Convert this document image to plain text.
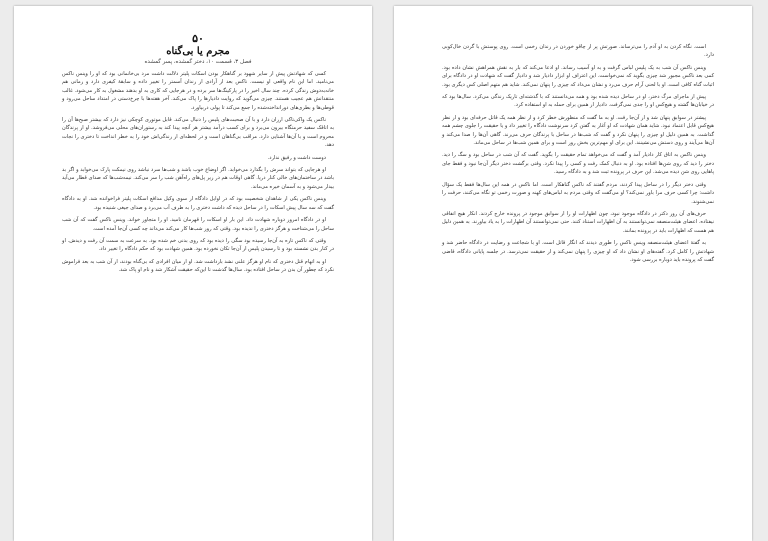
۵۰
مجرم یا بی‌گناه
فصل ۳، قسمت ۱۰، دختر گمشده، پسر گمشده

کسی که شهادتش پیش از سایر شهود بر گناهکار بودن اسکات پلیتر دلالت داشت مرد بی‌خانمانی بود که او را وینس ناکس می‌نامید. اما این نام واقعی او نیست. ناکس بعد از آزادی از زندان آسمتر را تغییر داده و سابقهٔ کیفری دارد و زمانی هم خانه‌به‌دوش زندگی کرده. چند سال اخیر را در پارکینگ‌ها سر برده و در هرجایی که کاری به او بدهند مشغول به کار می‌شود. غالب منتقدانش هم عجیب هستند. چیزی می‌گوید که روایت دادیارها را پاک می‌کند. آخر هفته‌ها با چرخ‌دستی در امتداد ساحل می‌رود و قوطی‌ها و بطری‌های دورانداخته‌شده را جمع می‌کند تا پولی دربیاورد.

ناکس یک واکی‌تاکی ارزان دارد و با آن صحبت‌های پلیس را دنبال می‌کند. قابل موتوری کوچکی نیز دارد که بیشتر صبح‌ها آن را به اتاقک سفید حرمتگاه بیرون می‌برد و برای کسب درآمد بیشتر هر آنچه پیدا کند به رستوران‌های محلی می‌فروشد. او از پرندگان محروم است و با آن‌ها آشنایی دارد. مراقب بی‌گناهان است و در لحظه‌ای از زندگی‌اش خود را به خطر انداخت تا دختری را نجات دهد.

دوست داشت و رفیق ندارد.

او هرجایی که بتواند سرش را بگذارد می‌خوابد. اگر اوضاع خوب باشد و شب‌ها سرد نباشد روی نیمکت پارک می‌خوابد و اگر بد باشد در ساختمان‌های خالی کنار دریا. گاهی اوقات هم در زیر پل‌های راه‌آهن شب را سر می‌کند. نیمه‌شب‌ها که صدای قطار می‌آید بیدار می‌شود و به آسمان خیره می‌ماند.

وینس ناکس یکی از شاهدان شخصیت بود که در اوایل دادگاه از سوی وکیل مدافع اسکات پلیتر فراخوانده شد. او به دادگاه گفت که سه سال پیش اسکات را در ساحل دیده که داشت دختری را به طرف آب می‌برد و صدای جیغی شنیده بود.

او در دادگاه امروز دوباره شهادت داد. این بار او اسکات را قهرمان نامید. او را متجاوز خواند. وینس ناکس گفت که آن شب ساحل را می‌شناخت و هرگز دختری را ندیده بود. وقتی که روز شب‌ها کار می‌کند می‌داند چه کسی آن‌جا آمده است.

وقتی که ناکس تازه به آن‌جا رسیده بود سگی را دیده بود که روی بدنی خم شده بود. به سرعت به سمت آن رفت و دیدش. او در کنار بدن نشسته بود و تا رسیدن پلیس از آن‌جا تکان نخورده بود. همین شهادت بود که حکم دادگاه را تغییر داد.

او به اتهام قتل دختری که نام او هرگز علنی نشد بازداشت شد. او از میان افرادی که بی‌گناه بودند، از آن شب به بعد فراموش نکرد که چطور آن بدن در ساحل افتاده بود. سال‌ها گذشت تا این‌که حقیقت آشکار شد و نام او پاک شد.

است. نگاه کردن به او آدم را می‌ترساند. صورتش پر از چاقو خوردن در زندان زخمی است. روی پوستش با گردن خال‌کوبی دارد.

وینس ناکس آن شب به یک پلیس لباس گرفت و به او آسیب رساند. او ادعا می‌کند که بار به نقش همراهش نشان داده بود. کمی بعد ناکس مجبور شد چیزی بگوید که نمی‌خواست. این اعتراف او ابزار دادیار شد و دادیار گفت که شهادت او در دادگاه برای اثبات گناه کافی است. او با لحنی آرام حرف می‌زد و نشان می‌داد که چیزی را پنهان نمی‌کند. شاید هم متهم اصلی کس دیگری بود.

پیش از ماجرای مرگ دختر، او در ساحل دیده شده بود و همه می‌دانستند که با گذشته‌ای تاریک زندگی می‌کرد. سال‌ها بود که در خیابان‌ها گشته و هیچ‌کس او را جدی نمی‌گرفت. دادیار از همین برای حمله به او استفاده کرد.

پیشتر در سوابق پنهان شد و از آن‌جا رفت. او به ما گفت که منظورش خطر کرد و از نظر همه یک قاتل حرفه‌ای بود و از نظر هیچ‌کس قابل اعتماد نبود. شاید همان شهادت که او آغاز به گفتن کرد سرنوشت دادگاه را تغییر داد و یا حقیقت را جلوی چشم همه گذاشت. به همین دلیل او چیزی را پنهان نکرد و گفت که شب‌ها در ساحل با پرندگان حرف می‌زند. گاهی آن‌ها را صدا می‌کند و آن‌ها می‌آیند و روی دستش می‌نشینند. این برای او مهم‌ترین بخش روز است و برای همین شب‌ها در ساحل می‌ماند.

وینس ناکس به اتاق کار دادیار آمد و گفت که می‌خواهد تمام حقیقت را بگوید. گفت که آن شب در ساحل بود و سگ را دید. دختر را دید که روی شن‌ها افتاده بود. او به دنبال کمک رفت و کسی را پیدا نکرد. وقتی برگشت دختر دیگر آن‌جا نبود و فقط جای پاهایی روی شن دیده می‌شد. این حرف در پرونده ثبت شد و به دادگاه رسید.

وقتی دختر دیگر را در ساحل پیدا کردند، مردم گفتند که ناکس گناهکار است. اما ناکس در همه این سال‌ها فقط یک سؤال داشت: چرا کسی حرف مرا باور نمی‌کند؟ او می‌گفت که وقتی مردم به لباس‌های کهنه و صورت زخمی تو نگاه می‌کنند، حرفت را نمی‌شنوند.

حرف‌های آن روز دکتر در دادگاه موجود نبود، چون اظهارات او را از سوابق موجود در پرونده خارج کردند. انکار هیچ اتفاقی نیفتاده. اعضای هیئت‌منصفه نمی‌توانستند به آن اظهارات استناد کنند. حتی نمی‌توانستند آن اظهارات را به یاد بیاورند. به همین دلیل هم هست که اظهارات باید در پرونده بمانند.

به گفتهٔ اعضای هیئت‌منصفه وینس ناکس را طوری دیدند که انگار قاتل است. او با شجاعت و رضایت در دادگاه حاضر شد و شهادتش را کامل کرد. گفته‌های او نشان داد که او چیزی را پنهان نمی‌کند و از حقیقت نمی‌ترسد. در جلسه پایانی دادگاه، قاضی گفت که پرونده باید دوباره بررسی شود.
